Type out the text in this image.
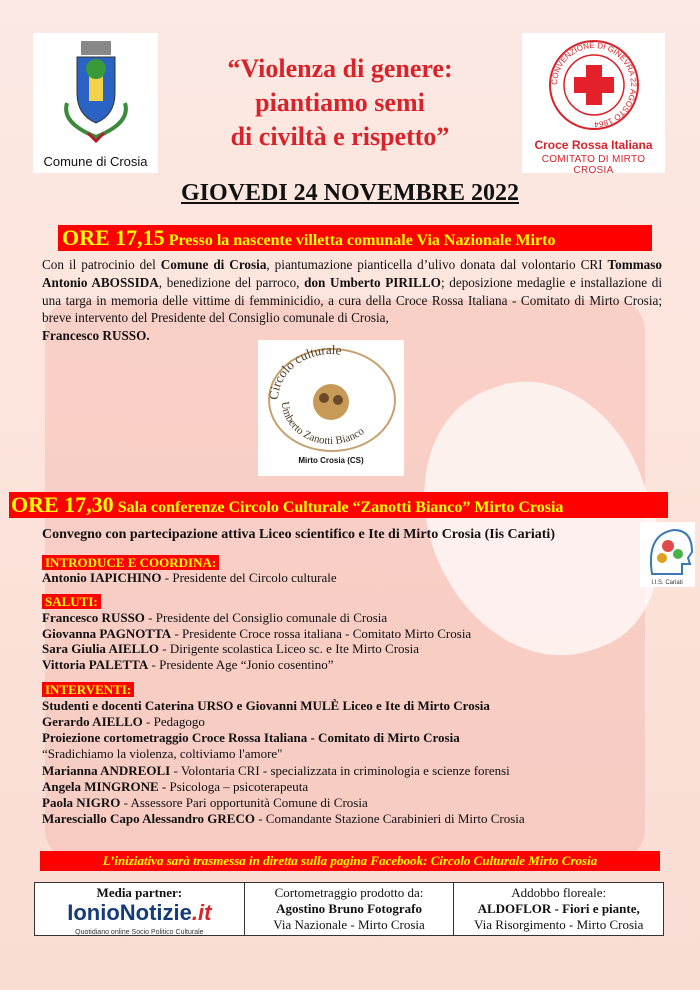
Comune di Crosia
“Violenza di genere:
piantiamo semi
di civiltà e rispetto”
CONVENZIONE DI GINEVRA 22 AGOSTO 1864
Croce Rossa Italiana
COMITATO DI MIRTO CROSIA
GIOVEDI 24 NOVEMBRE 2022
ORE 17,15 Presso la nascente villetta comunale Via Nazionale Mirto
Con il patrocinio del Comune di Crosia, piantumazione pianticella d’ulivo donata dal volontario CRI Tommaso Antonio ABOSSIDA, benedizione del parroco, don Umberto PIRILLO; deposizione medaglie e installazione di una targa in memoria delle vittime di femminicidio, a cura della Croce Rossa Italiana - Comitato di Mirto Crosia; breve intervento del Presidente del Consiglio comunale di Crosia,
Francesco RUSSO.
Circolo culturale
Umberto Zanotti Bianco
Mirto Crosia (CS)
ORE 17,30 Sala conferenze Circolo Culturale “Zanotti Bianco” Mirto Crosia
Convegno con partecipazione attiva Liceo scientifico e Ite di Mirto Crosia (Iis Cariati)
I.I.S. Cariati
INTRODUCE E COORDINA:
Antonio IAPICHINO - Presidente del Circolo culturale
SALUTI:
Francesco RUSSO - Presidente del Consiglio comunale di Crosia
Giovanna PAGNOTTA - Presidente Croce rossa italiana - Comitato Mirto Crosia
Sara Giulia AIELLO - Dirigente scolastica Liceo sc. e Ite Mirto Crosia
Vittoria PALETTA - Presidente Age “Jonio cosentino”
INTERVENTI:
Studenti e docenti Caterina URSO e Giovanni MULÈ Liceo e Ite di Mirto Crosia
Gerardo AIELLO - Pedagogo
Proiezione cortometraggio Croce Rossa Italiana - Comitato di Mirto Crosia
“Sradichiamo la violenza, coltiviamo l'amore"
Marianna ANDREOLI - Volontaria CRI - specializzata in criminologia e scienze forensi
Angela MINGRONE - Psicologa – psicoterapeuta
Paola NIGRO - Assessore Pari opportunità Comune di Crosia
Maresciallo Capo Alessandro GRECO - Comandante Stazione Carabinieri di Mirto Crosia
L’iniziativa sarà trasmessa in diretta sulla pagina Facebook: Circolo Culturale Mirto Crosia
Media partner:
IonioNotizie.it
Quotidiano online Socio Politico Culturale
Cortometraggio prodotto da:
Agostino Bruno Fotografo
Via Nazionale - Mirto Crosia
Addobbo floreale:
ALDOFLOR - Fiori e piante,
Via Risorgimento - Mirto Crosia
